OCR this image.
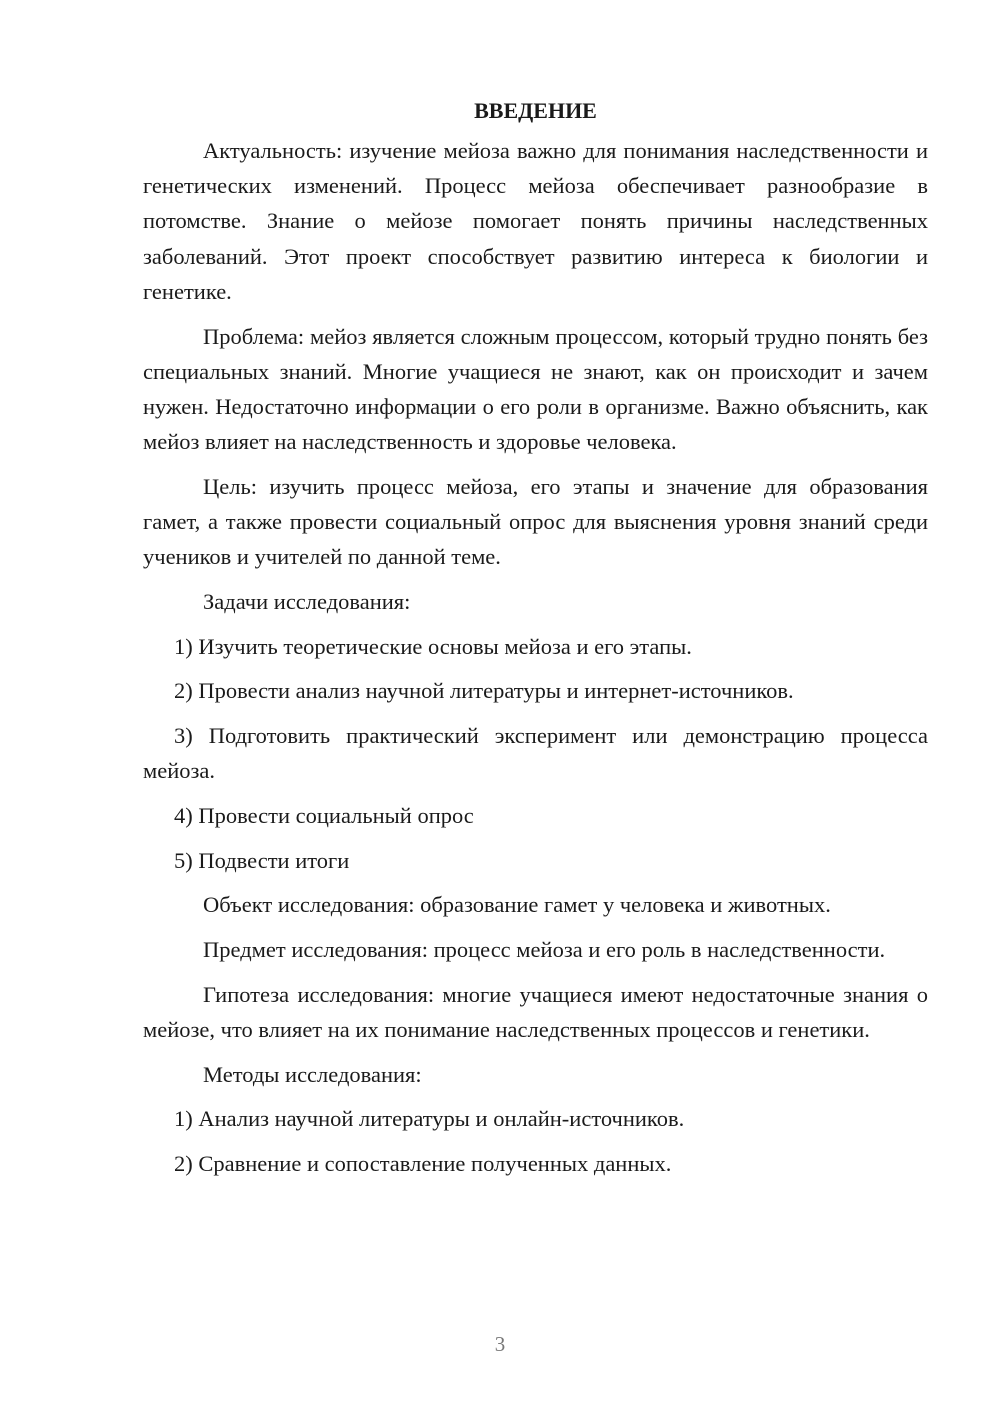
ВВЕДЕНИЕ

Актуальность: изучение мейоза важно для понимания наследственности и генетических изменений. Процесс мейоза обеспечивает разнообразие в потомстве. Знание о мейозе помогает понять причины наследственных заболеваний. Этот проект способствует развитию интереса к биологии и генетике.

Проблема: мейоз является сложным процессом, который трудно понять без специальных знаний. Многие учащиеся не знают, как он происходит и зачем нужен. Недостаточно информации о его роли в организме. Важно объяснить, как мейоз влияет на наследственность и здоровье человека.

Цель: изучить процесс мейоза, его этапы и значение для образования гамет, а также провести социальный опрос для выяснения уровня знаний среди учеников и учителей по данной теме.

Задачи исследования:

1) Изучить теоретические основы мейоза и его этапы.

2) Провести анализ научной литературы и интернет-источников.

3) Подготовить практический эксперимент или демонстрацию процесса мейоза.

4) Провести социальный опрос

5) Подвести итоги

Объект исследования: образование гамет у человека и животных.

Предмет исследования: процесс мейоза и его роль в наследственности.

Гипотеза исследования: многие учащиеся имеют недостаточные знания о мейозе, что влияет на их понимание наследственных процессов и генетики.

Методы исследования:

1) Анализ научной литературы и онлайн-источников.

2) Сравнение и сопоставление полученных данных.

3
